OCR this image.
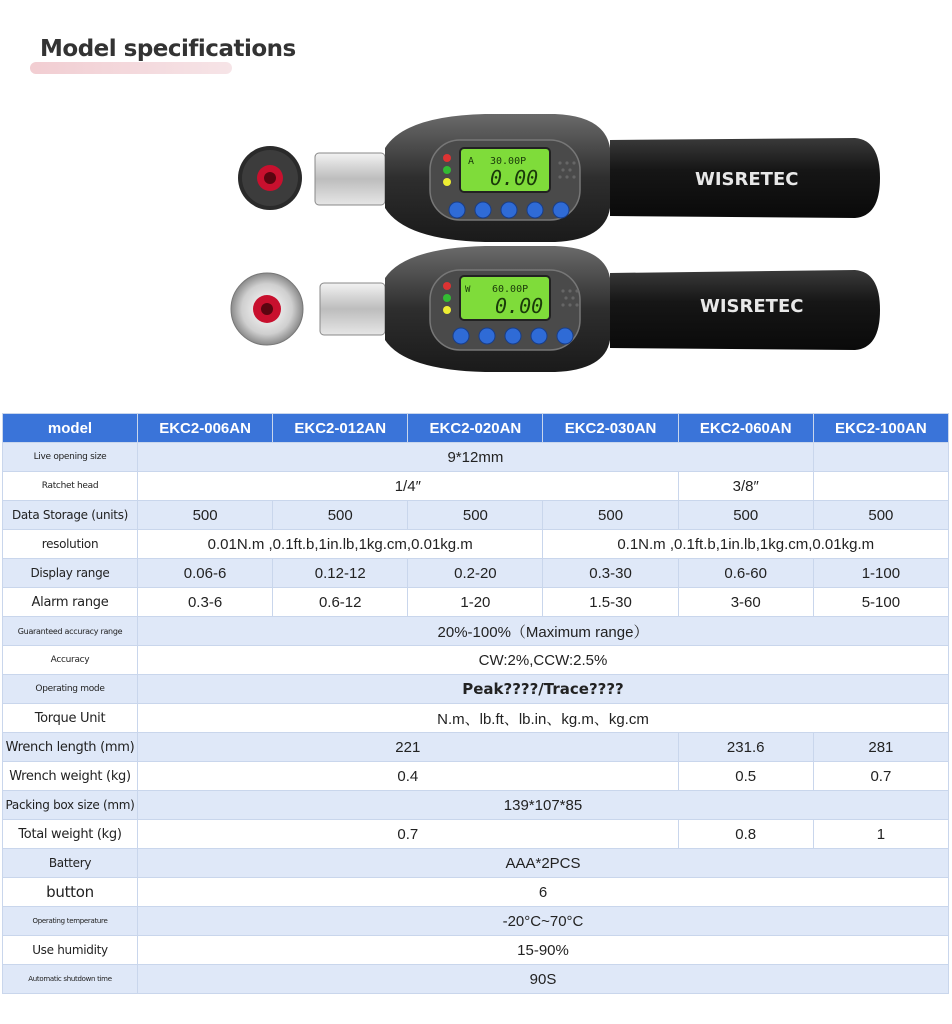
Model specifications
A 30.00P
0.00	WISRETEC
W 60.00P
0.00	WISRETEC
model	EKC2-006AN	EKC2-012AN	EKC2-020AN	EKC2-030AN	EKC2-060AN	EKC2-100AN
Live opening size	9*12mm					
Ratchet head	1/4″				3/8″	
Data Storage (units)	500	500	500	500	500	500
resolution	0.01N.m ,0.1ft.b,1in.lb,1kg.cm,0.01kg.m			0.1N.m ,0.1ft.b,1in.lb,1kg.cm,0.01kg.m		
Display range	0.06-6	0.12-12	0.2-20	0.3-30	0.6-60	1-100
Alarm range	0.3-6	0.6-12	1-20	1.5-30	3-60	5-100
Guaranteed accuracy range	20%-100%（Maximum range）					
Accuracy	CW:2%,CCW:2.5%					
Operating mode	Peak????/Trace????					
Torque Unit	N.m、lb.ft、lb.in、kg.m、kg.cm					
Wrench length (mm)	221				231.6	281
Wrench weight (kg)	0.4				0.5	0.7
Packing box size (mm)	139*107*85					
Total weight (kg)	0.7				0.8	1
Battery	AAA*2PCS					
button	6					
Operating temperature	-20°C~70°C					
Use humidity	15-90%					
Automatic shutdown time	90S					
